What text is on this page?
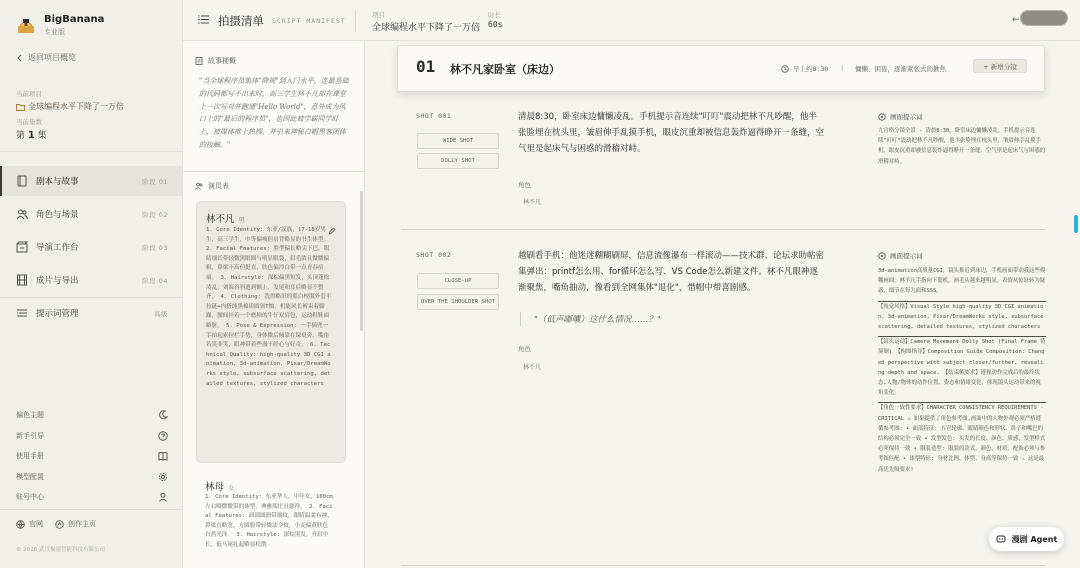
BigBanana
专业版
返回项目概览
当前项目
全球编程水平下降了一万倍
当前集数
第 1 集
剧本与故事	阶段 01
角色与场景	阶段 02
导演工作台	阶段 03
成片与导出	阶段 04
提示词管理	高级
偏色主题
新手引导
使用手册
模型配置
账号中心
官网	创作主页
© 2026 武汉极速智能科技有限公司
拍摄清单 SCRIPT MANIFEST
项目
全球编程水平下降了一万倍
时长
60s	←
故事梗概
"当全球程序员集体"降规"到入门水平，连最基础的代码都写不出来时，高三学生林不凡却在课堂上一次写对并跑通"Hello World"，意外成为风口上的"最后的程序员"，也因此被学霸同学盯上，被媒体推上热搜，并引来神秘白帽黑客团体的接触。"
演员表
林不凡 男
1. Core Identity: 东亚/汉族，17-18岁男生，高三学生，中等偏瘦但肩背略显的书生体型。 2. Facial Features: 脸型偏长略尖下巴，眼睛细长带轻微黑眼圈与明显眼袋，眉毛浓且微微偏粗，鼻梁不高但挺直，肤色偏冷白带一点青春痘痕。 3. Hairstyle: 深棕偏黑短发，头顶蓬松凌乱，刘海斜斜遮到额上，发尾和耳后略显不整齐。 4. Clothing: 洗得略旧的蓝白校服外套半拉链+内搭纯黑棉质圆领T恤，机能风长裤束着脚踝，腰间挂着一个磨损的牛仔双肩包，运动鞋鞋面略脏。 5. Pose & Expression: 一手插兜一手拍起索拉栏手势，身体微后倾靠在课桌旁，嘴角若笑非笑，眼神带着些漫不经心与好奇。 6. Technical Quality: high-quality 3D CGI animation, 3d-animation, Pixar/DreamWorks style, subsurface scattering, detailed textures, stylized characters
林母 女
1. Core Identity: 东亚华人，中年女，160cm左右略微微带的体型，典雅端庄且慈祥。 2. Facial Features: 面部圆润带细纹，眼睛温柔有神，鼻梁直略宽，方圆脸带轻微法令纹，小麦偏黄肤色自然光泽。 3. Hairstyle: 深棕黑发，齐肩中长，低马尾扎起略显松散
01 林不凡家卧室（床边）	早上约8:30 | 慵懒、困倦，逐渐紧张式的揪焦	+ 新增分镜
SHOT 001
WIDE SHOT
DOLLY SHOT
清晨8:30，卧室床边慵懒凌乱。手机提示音连续"叮叮"震动把林不凡吵醒，他半张脸埋在枕头里，皱眉伸手乱摸手机，眼皮沉重却被信息轰炸逼得睁开一条缝，空气里是起床气与困惑的滑稽对峙。
角色
林不凡
画面提示词
九宫格分镜全景 - 清晨8:30，卧室床边慵懒凌乱。手机提示音连续"叮叮"震动把林不凡吵醒，他半张脸埋在枕头里，皱眉伸手乱摸手机，眼皮沉重却被信息轰炸逼得睁开一条缝，空气里是起床气与困惑的滑稽对峙。
SHOT 002
CLOSE-UP
OVER THE SHOULDER SHOT
越刷看手机：他迷迷糊糊刷屏，信息流像瀑布一样滚动——技术群、论坛求助帖密集弹出：printf怎么用、for循环怎么写、VS Code怎么新建文件。林不凡眼神逐渐聚焦，嘴角抽动，像看到全网集体"退化"，惜帽中带喜剧感。
"（低声嘟囔）这什么情况……？"
角色
林不凡
画面提示词
3d-animation高质量CGI，镜头推近到床边，手机画面带动我这些模糊画面，林不凡手指向下划机，画毛从越来越明显，表情从惊讶转为疑惑，细节在每九面和SSS。
【视觉风格】Visual Style high-quality 3D CGI animation, 3d-animation, Pixar/DreamWorks style, subsurface scattering, detailed textures, stylized characters
【镜头运动】Camera Movement Dolly Shot (Final Frame 情境制) 【构图指导】Composition Guide Composition: Changed perspective with subject closer/further, revealing depth and space. 【结束帧要求】遵视动作完成后的最终状态,人物/物体的动作位置、姿态和情绪变化，体现镜头运动带来的视角变化。
【角色一致性要求】CHARACTER CONSISTENCY REQUIREMENTS - CRITICAL ⚠ 如果提供了角色参考图,画面中的人物外观必须严格遵循参考图: • 面部特征: 五官轮廓、眼睛颜色和形状、鼻子和嘴巴的结构必须完全一致 • 发型发色: 头发的长度、颜色、质感、发型样式必须保持一致 • 服装造型: 服装的款式、颜色、材质、配饰必须与参考图匹配 • 体型特征: 身材比例、体型、身高等保持一致 ⚠ 这是最高优先级要求!
漫剧 Agent
